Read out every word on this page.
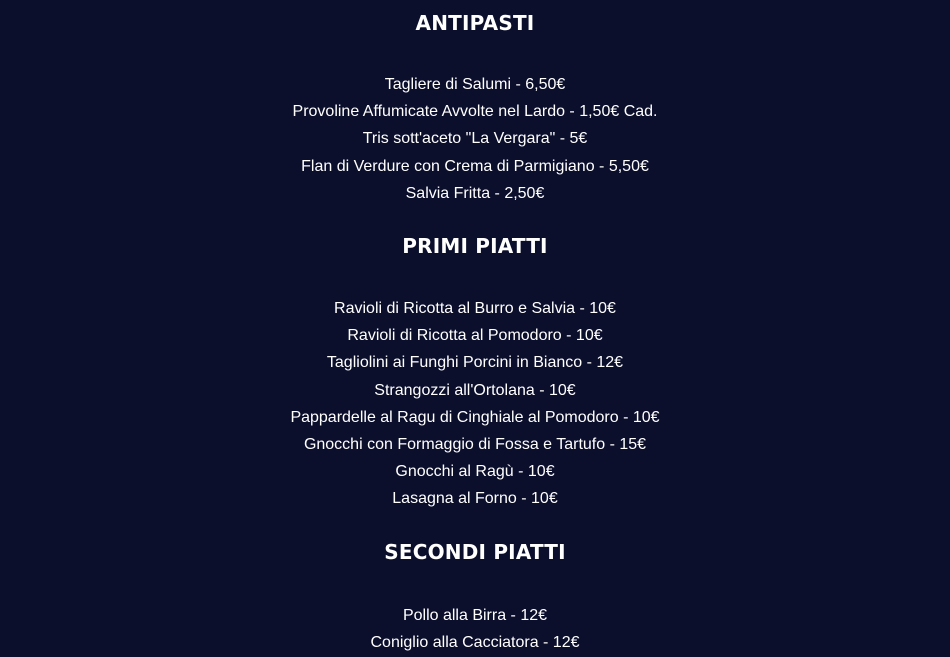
ANTIPASTI
Tagliere di Salumi - 6,50€
Provoline Affumicate Avvolte nel Lardo - 1,50€ Cad.
Tris sott'aceto "La Vergara" - 5€
Flan di Verdure con Crema di Parmigiano - 5,50€
Salvia Fritta - 2,50€
PRIMI PIATTI
Ravioli di Ricotta al Burro e Salvia - 10€
Ravioli di Ricotta al Pomodoro - 10€
Tagliolini ai Funghi Porcini in Bianco - 12€
Strangozzi all'Ortolana - 10€
Pappardelle al Ragu di Cinghiale al Pomodoro - 10€
Gnocchi con Formaggio di Fossa e Tartufo - 15€
Gnocchi al Ragù - 10€
Lasagna al Forno - 10€
SECONDI PIATTI
Pollo alla Birra - 12€
Coniglio alla Cacciatora - 12€
